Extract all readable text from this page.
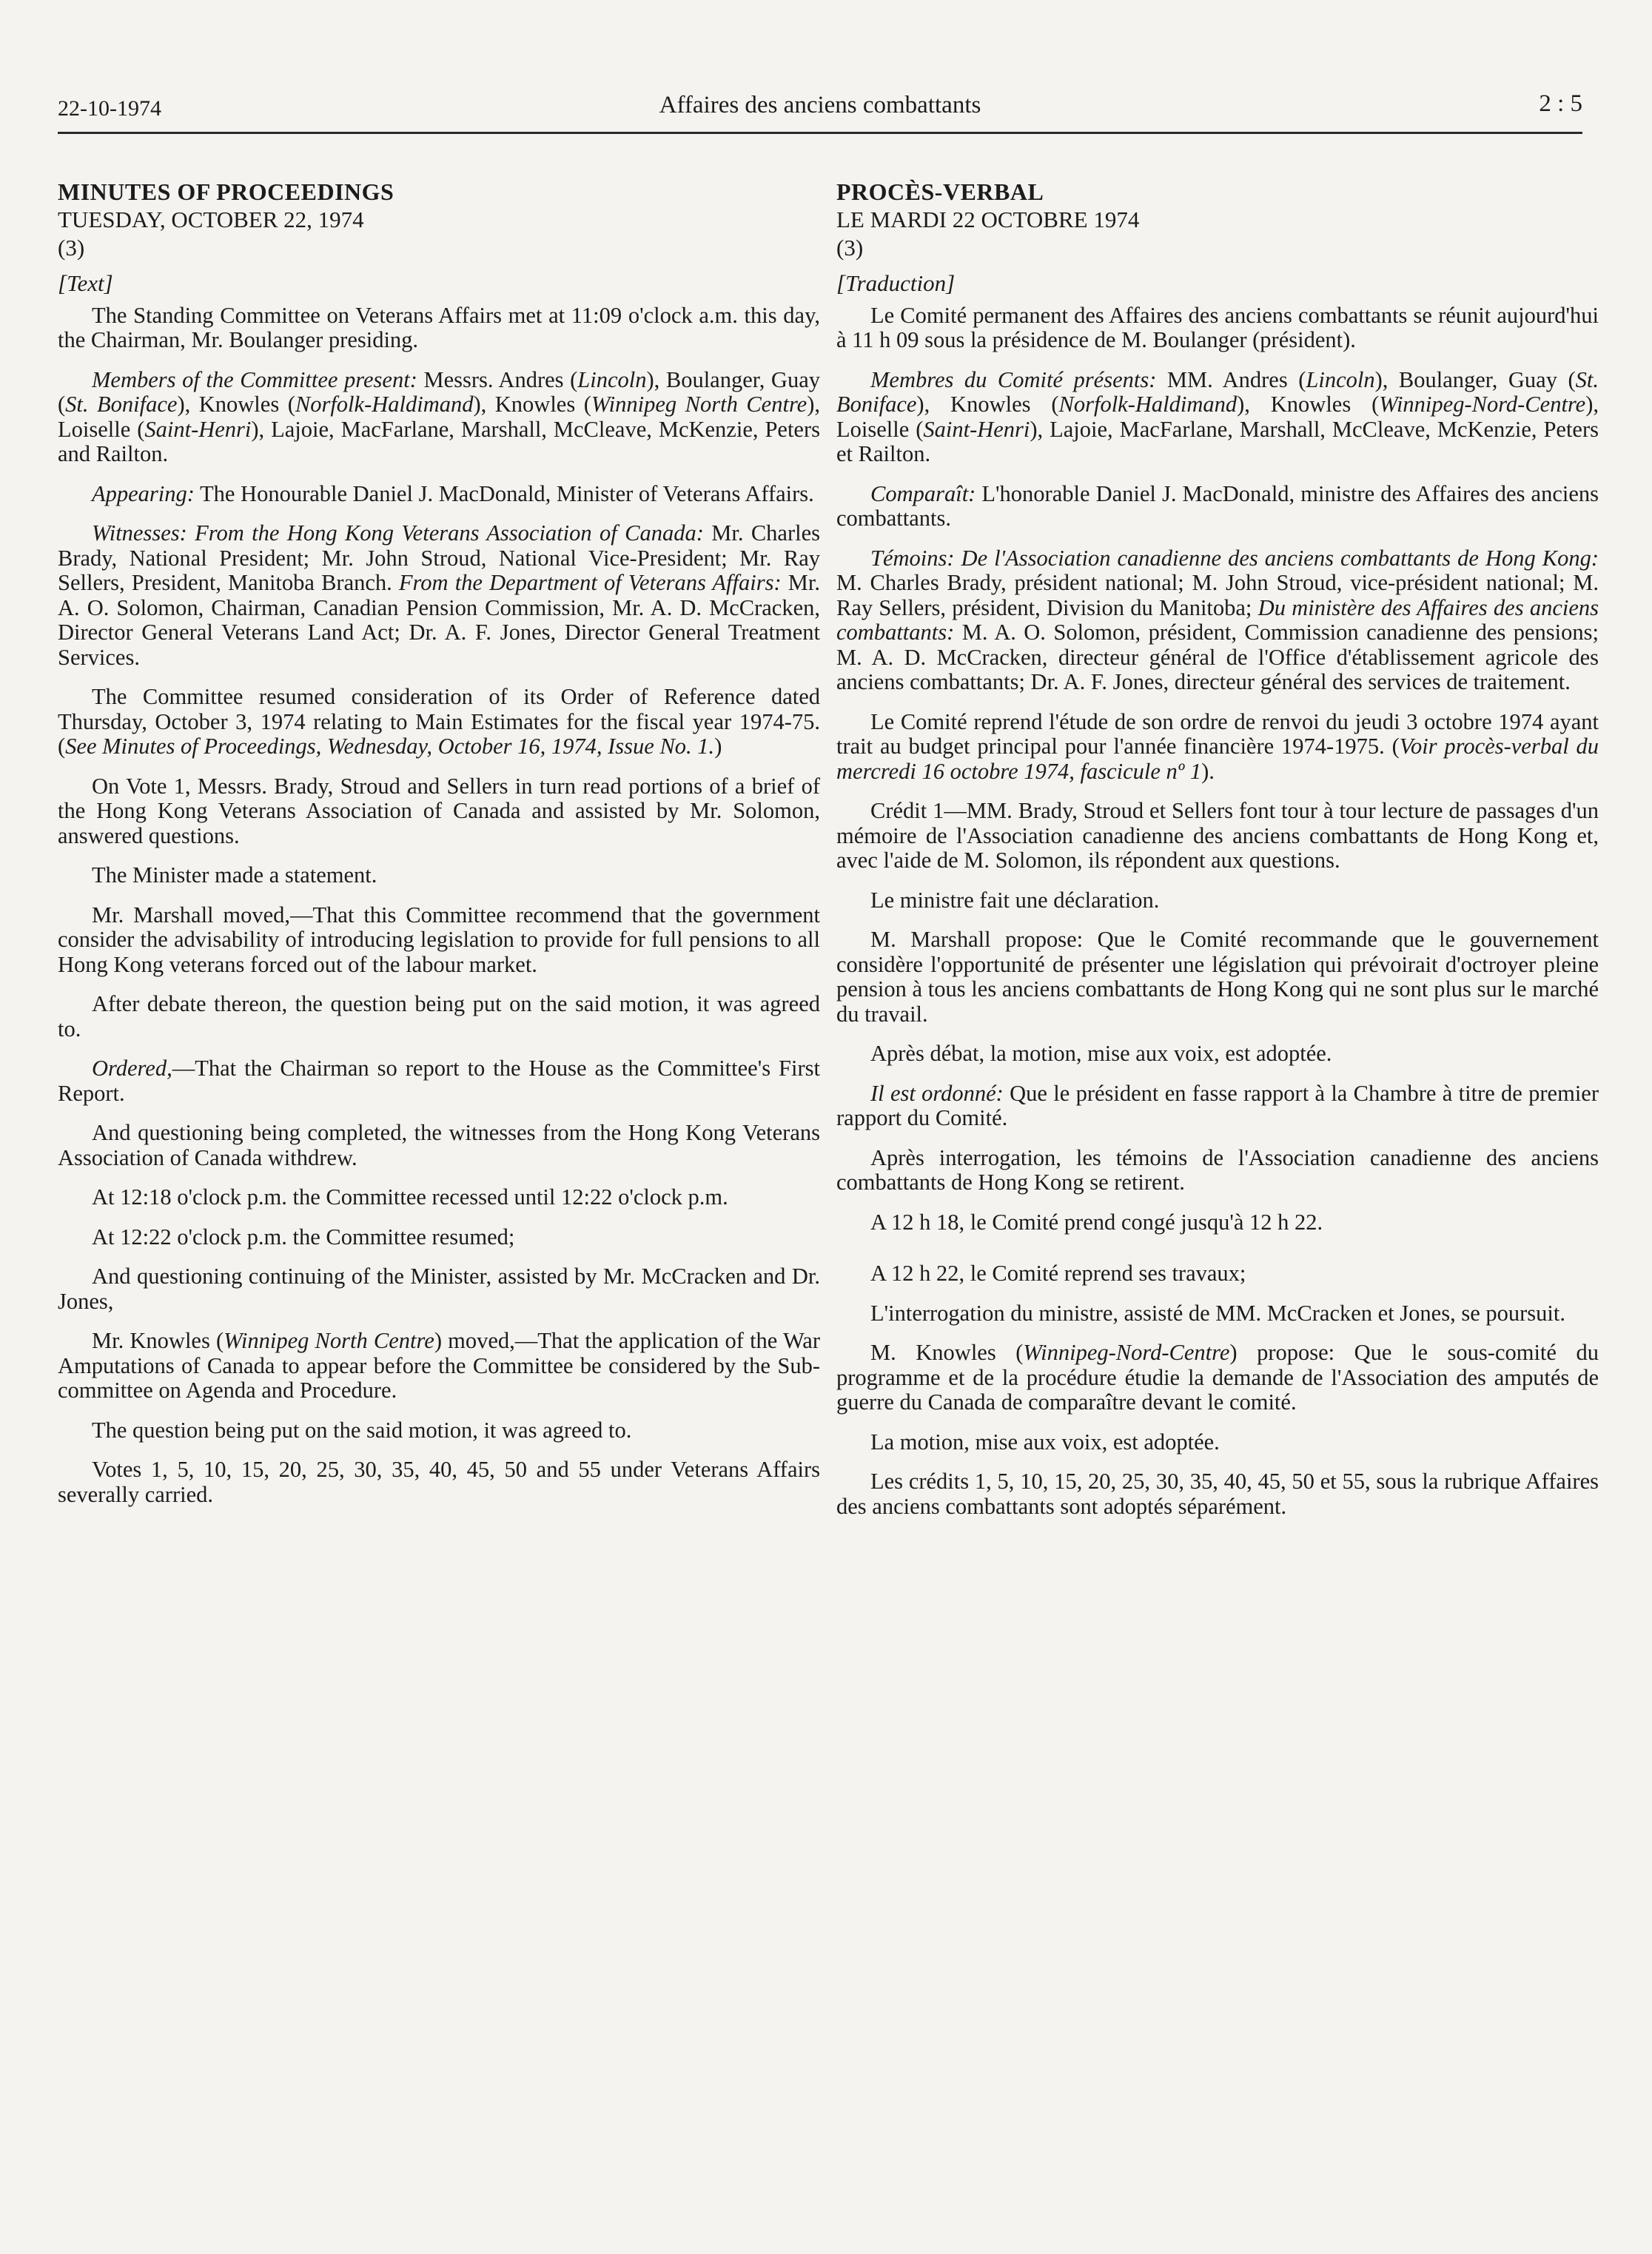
22-10-1974	Affaires des anciens combattants	2 : 5
MINUTES OF PROCEEDINGS
TUESDAY, OCTOBER 22, 1974
(3)
[Text]

The Standing Committee on Veterans Affairs met at 11:09 o'clock a.m. this day, the Chairman, Mr. Boulanger presiding.

Members of the Committee present: Messrs. Andres (Lincoln), Boulanger, Guay (St. Boniface), Knowles (Norfolk-Haldimand), Knowles (Winnipeg North Centre), Loiselle (Saint-Henri), Lajoie, MacFarlane, Marshall, McCleave, McKenzie, Peters and Railton.

Appearing: The Honourable Daniel J. MacDonald, Minister of Veterans Affairs.

Witnesses: From the Hong Kong Veterans Association of Canada: Mr. Charles Brady, National President; Mr. John Stroud, National Vice-President; Mr. Ray Sellers, President, Manitoba Branch. From the Department of Veterans Affairs: Mr. A. O. Solomon, Chairman, Canadian Pension Commission, Mr. A. D. McCracken, Director General Veterans Land Act; Dr. A. F. Jones, Director General Treatment Services.

The Committee resumed consideration of its Order of Reference dated Thursday, October 3, 1974 relating to Main Estimates for the fiscal year 1974-75. (See Minutes of Proceedings, Wednesday, October 16, 1974, Issue No. 1.)

On Vote 1, Messrs. Brady, Stroud and Sellers in turn read portions of a brief of the Hong Kong Veterans Association of Canada and assisted by Mr. Solomon, answered questions.

The Minister made a statement.

Mr. Marshall moved,—That this Committee recommend that the government consider the advisability of introducing legislation to provide for full pensions to all Hong Kong veterans forced out of the labour market.

After debate thereon, the question being put on the said motion, it was agreed to.

Ordered,—That the Chairman so report to the House as the Committee's First Report.

And questioning being completed, the witnesses from the Hong Kong Veterans Association of Canada withdrew.

At 12:18 o'clock p.m. the Committee recessed until 12:22 o'clock p.m.

At 12:22 o'clock p.m. the Committee resumed;

And questioning continuing of the Minister, assisted by Mr. McCracken and Dr. Jones,

Mr. Knowles (Winnipeg North Centre) moved,—That the application of the War Amputations of Canada to appear before the Committee be considered by the Sub-committee on Agenda and Procedure.

The question being put on the said motion, it was agreed to.

Votes 1, 5, 10, 15, 20, 25, 30, 35, 40, 45, 50 and 55 under Veterans Affairs severally carried.

PROCÈS-VERBAL
LE MARDI 22 OCTOBRE 1974
(3)
[Traduction]

Le Comité permanent des Affaires des anciens combattants se réunit aujourd'hui à 11 h 09 sous la présidence de M. Boulanger (président).

Membres du Comité présents: MM. Andres (Lincoln), Boulanger, Guay (St. Boniface), Knowles (Norfolk-Haldimand), Knowles (Winnipeg-Nord-Centre), Loiselle (Saint-Henri), Lajoie, MacFarlane, Marshall, McCleave, McKenzie, Peters et Railton.

Comparaît: L'honorable Daniel J. MacDonald, ministre des Affaires des anciens combattants.

Témoins: De l'Association canadienne des anciens combattants de Hong Kong: M. Charles Brady, président national; M. John Stroud, vice-président national; M. Ray Sellers, président, Division du Manitoba; Du ministère des Affaires des anciens combattants: M. A. O. Solomon, président, Commission canadienne des pensions; M. A. D. McCracken, directeur général de l'Office d'établissement agricole des anciens combattants; Dr. A. F. Jones, directeur général des services de traitement.

Le Comité reprend l'étude de son ordre de renvoi du jeudi 3 octobre 1974 ayant trait au budget principal pour l'année financière 1974-1975. (Voir procès-verbal du mercredi 16 octobre 1974, fascicule nº 1).

Crédit 1—MM. Brady, Stroud et Sellers font tour à tour lecture de passages d'un mémoire de l'Association canadienne des anciens combattants de Hong Kong et, avec l'aide de M. Solomon, ils répondent aux questions.

Le ministre fait une déclaration.

M. Marshall propose: Que le Comité recommande que le gouvernement considère l'opportunité de présenter une législation qui prévoirait d'octroyer pleine pension à tous les anciens combattants de Hong Kong qui ne sont plus sur le marché du travail.

Après débat, la motion, mise aux voix, est adoptée.

Il est ordonné: Que le président en fasse rapport à la Chambre à titre de premier rapport du Comité.

Après interrogation, les témoins de l'Association canadienne des anciens combattants de Hong Kong se retirent.

A 12 h 18, le Comité prend congé jusqu'à 12 h 22.

A 12 h 22, le Comité reprend ses travaux;

L'interrogation du ministre, assisté de MM. McCracken et Jones, se poursuit.

M. Knowles (Winnipeg-Nord-Centre) propose: Que le sous-comité du programme et de la procédure étudie la demande de l'Association des amputés de guerre du Canada de comparaître devant le comité.

La motion, mise aux voix, est adoptée.

Les crédits 1, 5, 10, 15, 20, 25, 30, 35, 40, 45, 50 et 55, sous la rubrique Affaires des anciens combattants sont adoptés séparément.
